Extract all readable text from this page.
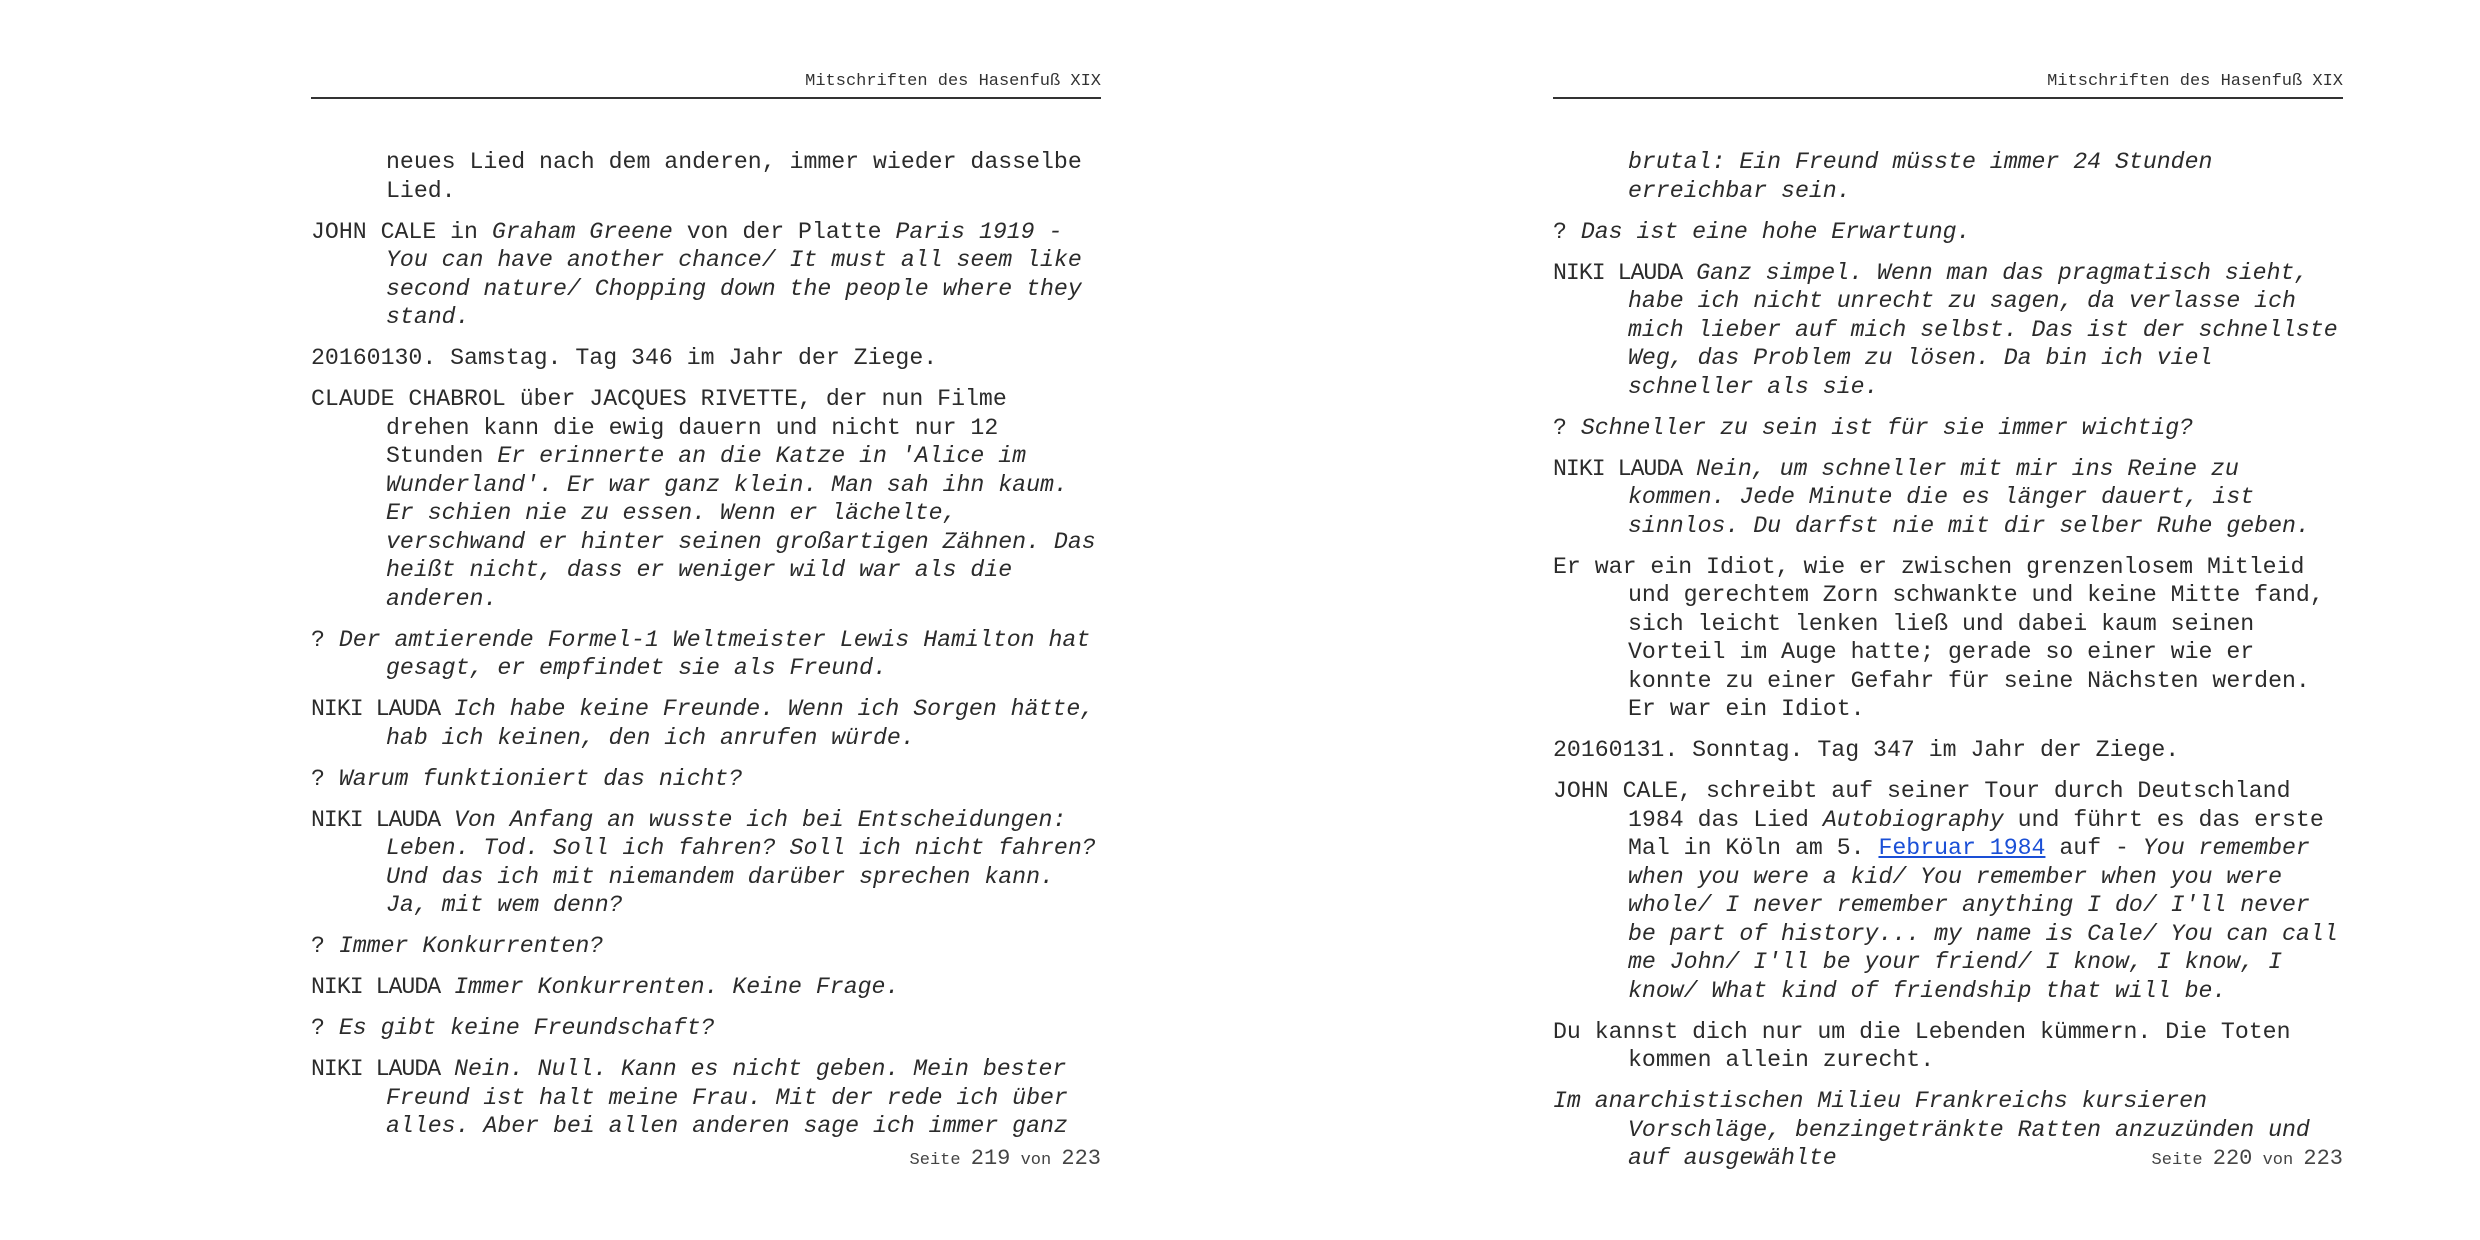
Mitschriften des Hasenfuß XIX

neues Lied nach dem anderen, immer wieder dasselbe Lied.

JOHN CALE in Graham Greene von der Platte Paris 1919 - You can have another chance/ It must all seem like second nature/ Chopping down the people where they stand.

20160130. Samstag. Tag 346 im Jahr der Ziege.

CLAUDE CHABROL über JACQUES RIVETTE, der nun Filme drehen kann die ewig dauern und nicht nur 12 Stunden Er erinnerte an die Katze in 'Alice im Wunderland'. Er war ganz klein. Man sah ihn kaum. Er schien nie zu essen. Wenn er lächelte, verschwand er hinter seinen großartigen Zähnen. Das heißt nicht, dass er weniger wild war als die anderen.

? Der amtierende Formel-1 Weltmeister Lewis Hamilton hat gesagt, er empfindet sie als Freund.

NIKI LAUDA Ich habe keine Freunde. Wenn ich Sorgen hätte, hab ich keinen, den ich anrufen würde.

? Warum funktioniert das nicht?

NIKI LAUDA Von Anfang an wusste ich bei Entscheidungen: Leben. Tod. Soll ich fahren? Soll ich nicht fahren? Und das ich mit niemandem darüber sprechen kann. Ja, mit wem denn?

? Immer Konkurrenten?

NIKI LAUDA Immer Konkurrenten. Keine Frage.

? Es gibt keine Freundschaft?

NIKI LAUDA Nein. Null. Kann es nicht geben. Mein bester Freund ist halt meine Frau. Mit der rede ich über alles. Aber bei allen anderen sage ich immer ganz

Seite 219 von 223
Mitschriften des Hasenfuß XIX

brutal: Ein Freund müsste immer 24 Stunden erreichbar sein.

? Das ist eine hohe Erwartung.

NIKI LAUDA Ganz simpel. Wenn man das pragmatisch sieht, habe ich nicht unrecht zu sagen, da verlasse ich mich lieber auf mich selbst. Das ist der schnellste Weg, das Problem zu lösen. Da bin ich viel schneller als sie.

? Schneller zu sein ist für sie immer wichtig?

NIKI LAUDA Nein, um schneller mit mir ins Reine zu kommen. Jede Minute die es länger dauert, ist sinnlos. Du darfst nie mit dir selber Ruhe geben.

Er war ein Idiot, wie er zwischen grenzenlosem Mitleid und gerechtem Zorn schwankte und keine Mitte fand, sich leicht lenken ließ und dabei kaum seinen Vorteil im Auge hatte; gerade so einer wie er konnte zu einer Gefahr für seine Nächsten werden. Er war ein Idiot.

20160131. Sonntag. Tag 347 im Jahr der Ziege.

JOHN CALE, schreibt auf seiner Tour durch Deutschland 1984 das Lied Autobiography und führt es das erste Mal in Köln am 5. Februar 1984 auf - You remember when you were a kid/ You remember when you were whole/ I never remember anything I do/ I'll never be part of history... my name is Cale/ You can call me John/ I'll be your friend/ I know, I know, I know/ What kind of friendship that will be.

Du kannst dich nur um die Lebenden kümmern. Die Toten kommen allein zurecht.

Im anarchistischen Milieu Frankreichs kursieren Vorschläge, benzingetränkte Ratten anzuzünden und auf ausgewählte	Seite 220 von 223
